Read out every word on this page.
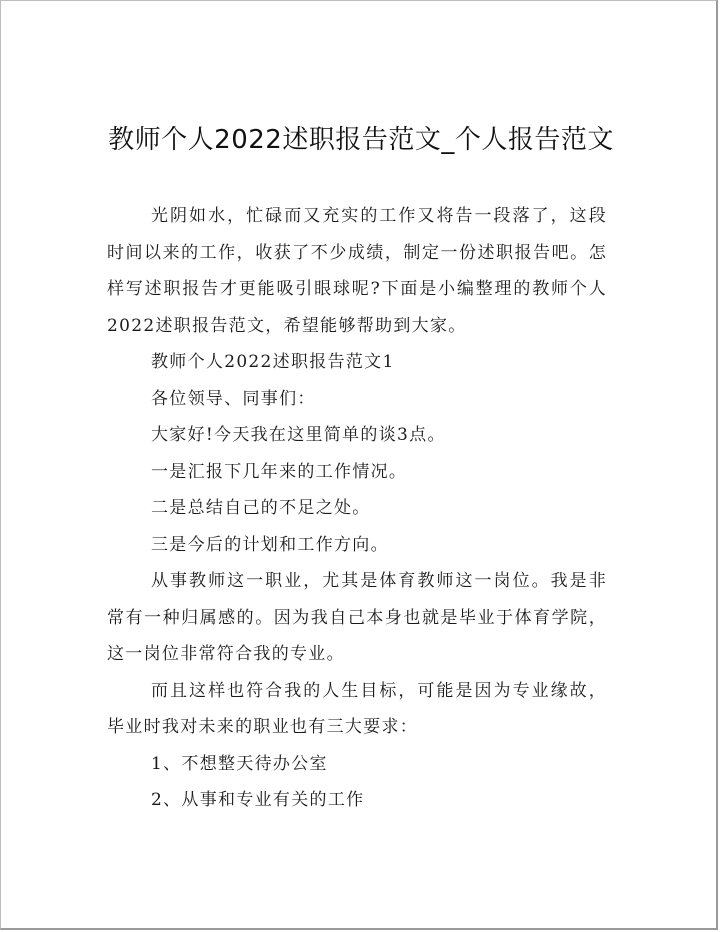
教师个人2022述职报告范文_个人报告范文

光阴如水，忙碌而又充实的工作又将告一段落了，这段时间以来的工作，收获了不少成绩，制定一份述职报告吧。怎样写述职报告才更能吸引眼球呢?下面是小编整理的教师个人2022述职报告范文，希望能够帮助到大家。

教师个人2022述职报告范文1

各位领导、同事们：

大家好!今天我在这里简单的谈3点。

一是汇报下几年来的工作情况。

二是总结自己的不足之处。

三是今后的计划和工作方向。

从事教师这一职业，尤其是体育教师这一岗位。我是非常有一种归属感的。因为我自己本身也就是毕业于体育学院，这一岗位非常符合我的专业。

而且这样也符合我的人生目标，可能是因为专业缘故，毕业时我对未来的职业也有三大要求：

1、不想整天待办公室

2、从事和专业有关的工作
